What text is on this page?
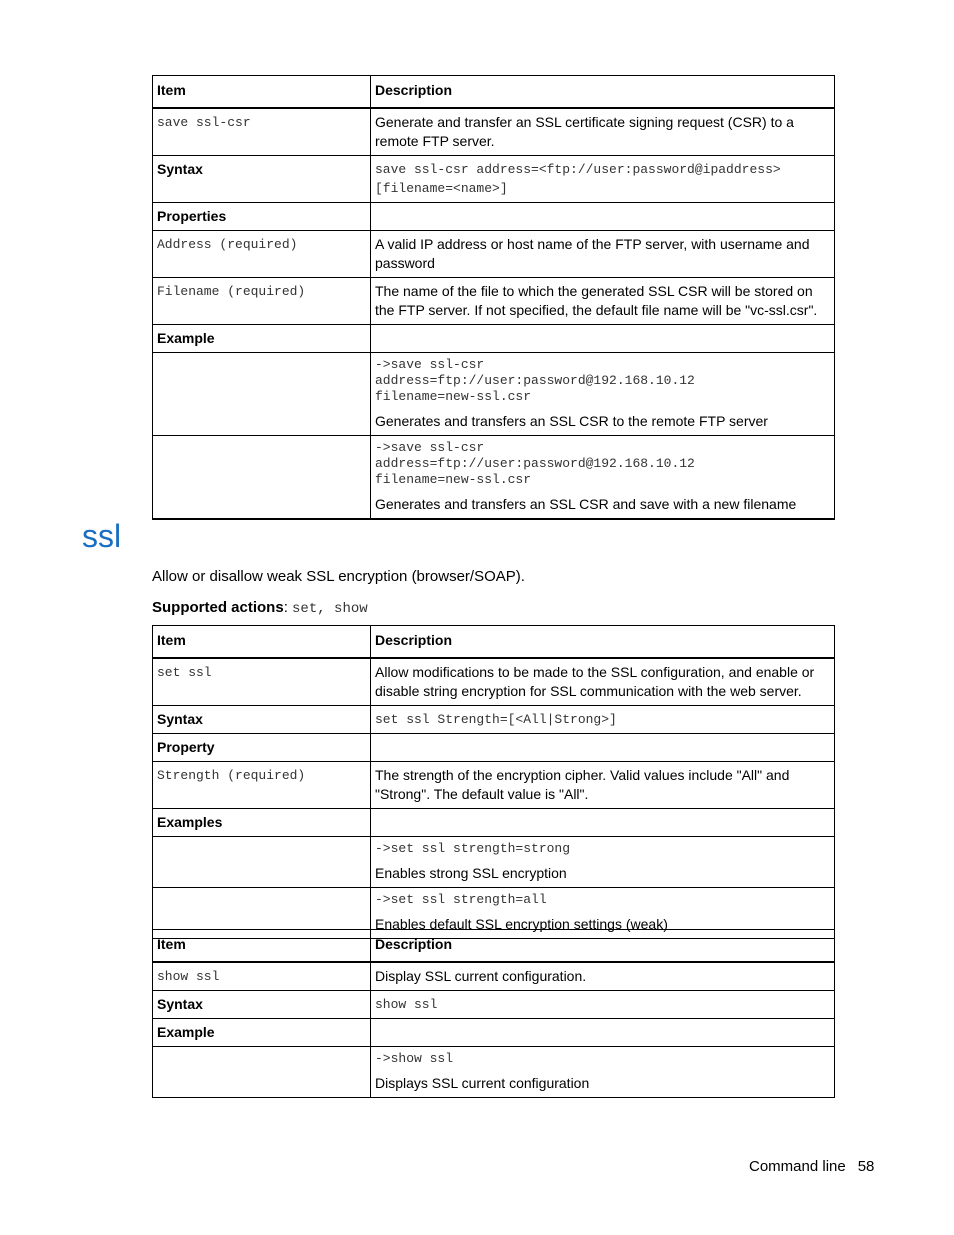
Item	Description
save ssl-csr	Generate and transfer an SSL certificate signing request (CSR) to a remote FTP server.
Syntax	save ssl-csr address=<ftp://user:password@ipaddress> [filename=<name>]
Properties	
Address (required)	A valid IP address or host name of the FTP server, with username and password
Filename (required)	The name of the file to which the generated SSL CSR will be stored on the FTP server. If not specified, the default file name will be "vc-ssl.csr".
Example	

	->save ssl-csr
address=ftp://user:password@192.168.10.12
filename=new-ssl.csr
Generates and transfers an SSL CSR to the remote FTP server

	->save ssl-csr
address=ftp://user:password@192.168.10.12
filename=new-ssl.csr
Generates and transfers an SSL CSR and save with a new filename
ssl
Allow or disallow weak SSL encryption (browser/SOAP).
Supported actions: set, show
Item	Description
set ssl	Allow modifications to be made to the SSL configuration, and enable or disable string encryption for SSL communication with the web server.
Syntax	set ssl Strength=[<All|Strong>]
Property	
Strength (required)	The strength of the encryption cipher. Valid values include "All" and "Strong". The default value is "All".
Examples	

	->set ssl strength=strong
Enables strong SSL encryption

	->set ssl strength=all
Enables default SSL encryption settings (weak)
Item	Description
show ssl	Display SSL current configuration.
Syntax	show ssl
Example	

	->show ssl
Displays SSL current configuration
Command line 58
